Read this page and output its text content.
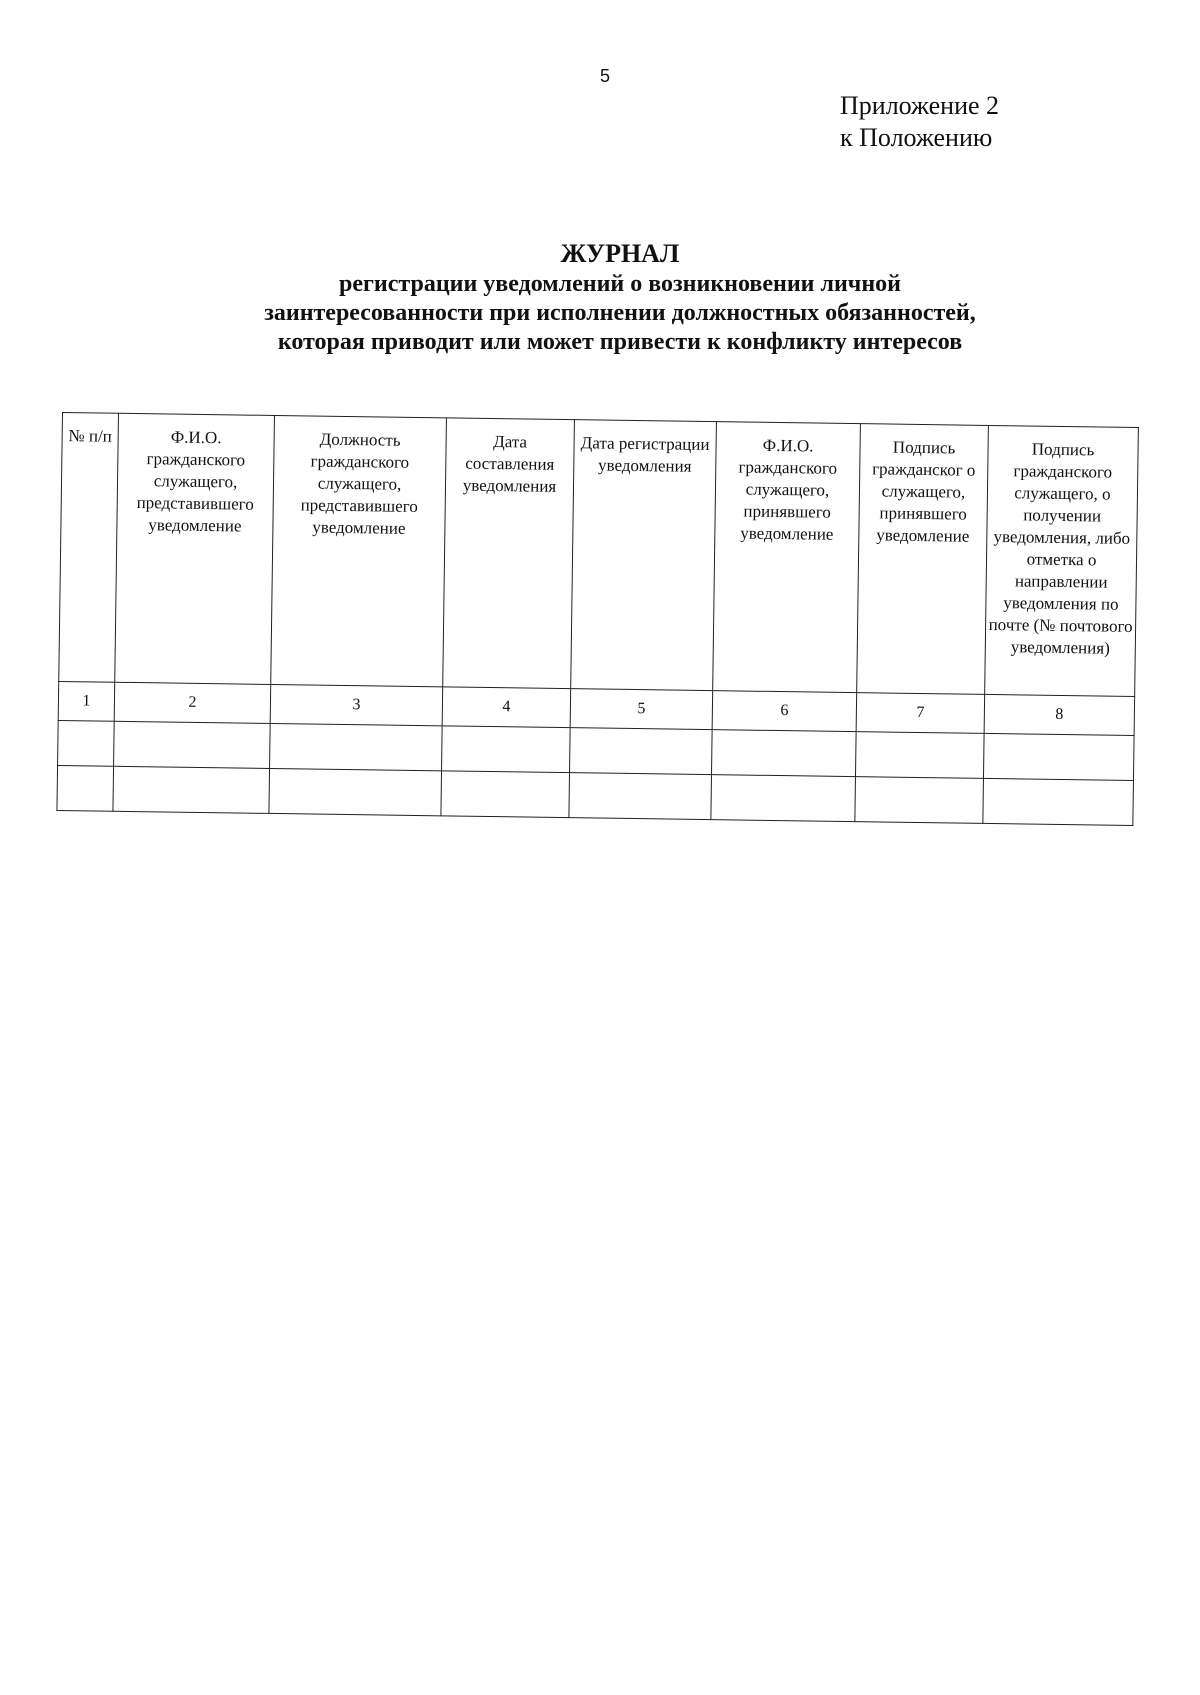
5
Приложение 2
к Положению
ЖУРНАЛ
регистрации уведомлений о возникновении личной
заинтересованности при исполнении должностных обязанностей,
которая приводит или может привести к конфликту интересов
№ п/п	Ф.И.О. гражданского служащего, представившего уведомление	Должность гражданского служащего, представившего уведомление	Дата составления уведомления	Дата регистрации уведомления	Ф.И.О. гражданского служащего, принявшего уведомление	Подпись гражданског о служащего, принявшего уведомление	Подпись гражданского служащего, о получении уведомления, либо отметка о направлении уведомления по почте (№ почтового уведомления)
1	2	3	4	5	6	7	8
